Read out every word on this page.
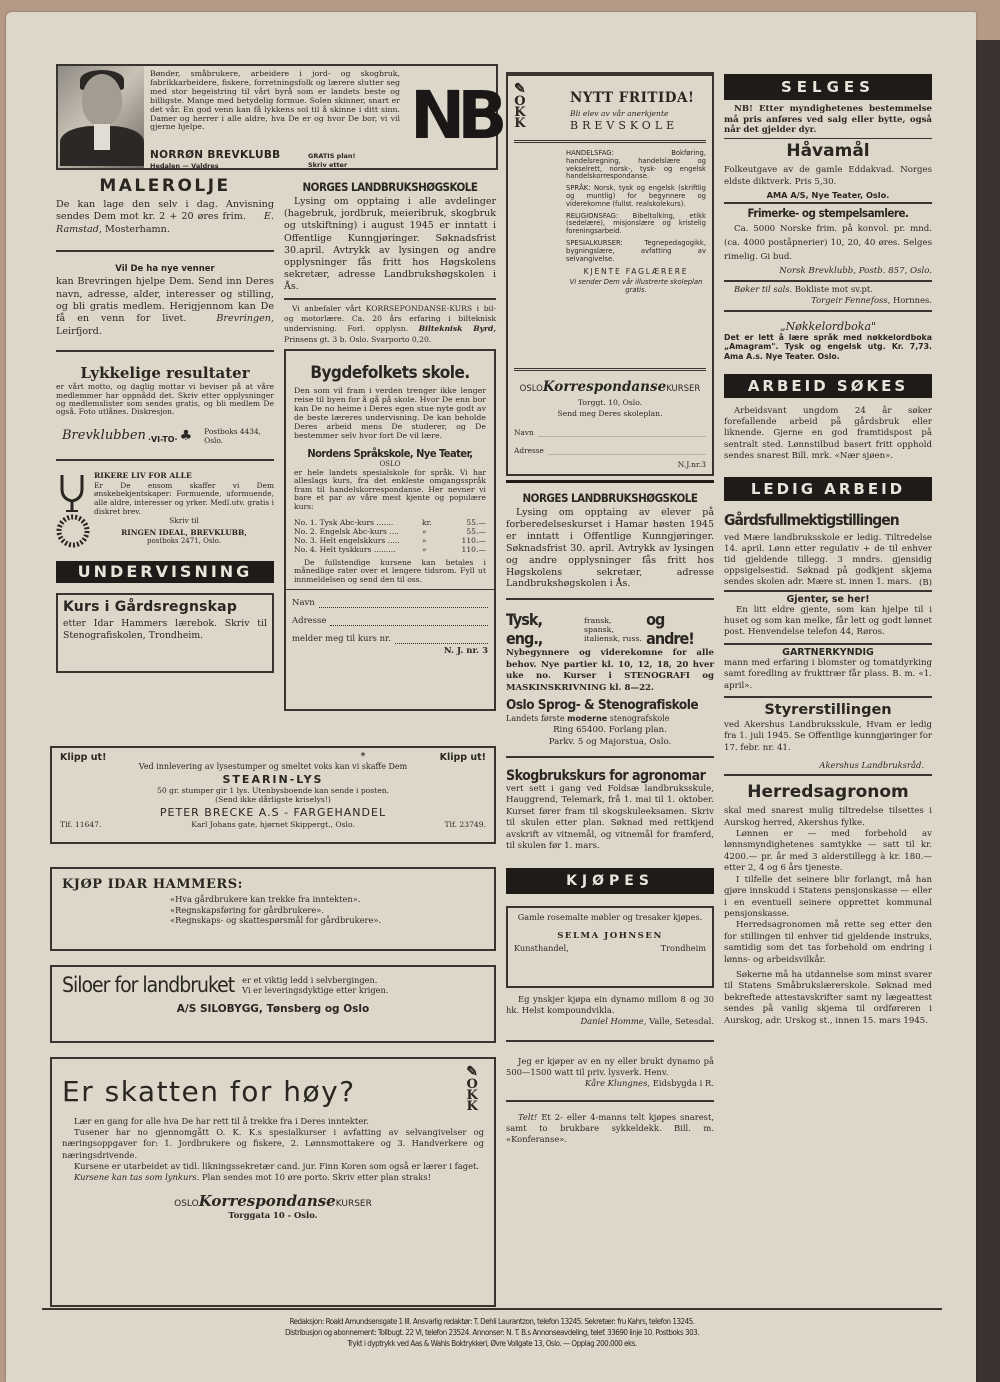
Bønder, småbrukere, arbeidere i jord- og skogbruk, fabrikkarbeidere, fiskere, forretningsfolk og lærere slutter seg med stor begeistring til vårt byrå som er landets beste og billigste. Mange med betydelig formue. Solen skinner, snart er det vår. En god venn kan få lykkens sol til å skinne i ditt sinn. Damer og herrer i alle aldre, hva De er og hvor De bor, vi vil gjerne hjelpe.
NORRØN BREVKLUBB
Hedalen — Valdres
GRATIS plan!
Skriv etter
NB
MALEROLJE
De kan lage den selv i dag. Anvisning sendes Dem mot kr. 2 + 20 øres frim. E. Ramstad, Mosterhamn.
Vil De ha nye venner
kan Brevringen hjelpe Dem. Send inn Deres navn, adresse, alder, interesser og stilling, og bli gratis medlem. Herigjennom kan De få en venn for livet.	Brevringen, Leirfjord.
Lykkelige resultater
er vårt motto, og daglig mottar vi beviser på at våre medlemmer har oppnådd det. Skriv etter opplysninger og medlemslister som sendes gratis, og bli medlem De også. Foto utlånes. Diskresjon.
Brevklubben ·VI-TO· ♣ Postboks 4434, Oslo.
RIKERE LIV FOR ALLE
Er De ensom skaffer vi Dem ønskebekjentskaper: Formuende, uformuende, alle aldre, interesser og yrker. Medl.utv. gratis i diskret brev.
Skriv til
RINGEN IDEAL, BREVKLUBB,
postboks 2471, Oslo.
UNDERVISNING
Kurs i Gårdsregnskap
etter Idar Hammers lærebok. Skriv til Stenografiskolen, Trondheim.
NORGES LANDBRUKSHØGSKOLE
Lysing om opptaing i alle avdelinger (hagebruk, jordbruk, meieribruk, skogbruk og utskiftning) i august 1945 er inntatt i Offentlige Kunngjøringer. Søknadsfrist 30.april. Avtrykk av lysingen og andre opplysninger fås fritt hos Høgskolens sekretær, adresse Landbrukshøgskolen i Ås.
Vi anbefaler vårt KORRSEPONDANSE-KURS i bil- og motorlære. Ca. 20 års erfaring i bilteknisk undervisning. Forl. opplysn. Bilteknisk Byrd, Prinsens gt. 3 b. Oslo. Svarporto 0,20.
Bygdefolkets skole.
Den som vil fram i verden trenger ikke lenger reise til byen for å gå på skole. Hvor De enn bor kan De no heime i Deres egen stue nyte godt av de beste læreres undervisning. De kan beholde Deres arbeid mens De studerer, og De bestemmer selv hvor fort De vil lære.
Nordens Språkskole, Nye Teater,
OSLO
er hele landets spesialskole for språk. Vi har alleslags kurs, fra det enkleste omgangsspråk fram til handelskorrespondanse. Her nevner vi bare et par av våre mest kjente og populære kurs:
No. 1. Tysk Abc-kurs .......	kr.	55.—
No. 2. Engelsk Abc-kurs ....	»	55.—
No. 3. Helt engelskkurs .....	»	110.—
No. 4. Helt tyskkurs .........	»	110.—
De fullstendige kursene kan betales i månedlige rater over et lengere tidsrom. Fyll ut innmeldelsen og send den til oss.
Navn
Adresse
melder meg til kurs nr.
N. J. nr. 3
Klipp ut!	*	Klipp ut!
Ved innlevering av lysestumper og smeltet voks kan vi skaffe Dem
STEARIN-LYS
50 gr. stumper gir 1 lys. Utenbysboende kan sende i posten.
(Send ikke dårligste kriselys!)
PETER BRECKE A.S - FARGEHANDEL
Tlf. 11647.	Karl Johans gate, hjørnet Skippergt., Oslo.	Tlf. 23749.
KJØP IDAR HAMMERS:
«Hva gårdbrukere kan trekke fra inntekten».
«Regnskapsføring for gårdbrukere».
«Regnskaps- og skattespørsmål for gårdbrukere».
Siloer for landbruket er et viktig ledd i selvbergingen.
Vi er leveringsdyktige etter krigen.
A/S SILOBYGG, Tønsberg og Oslo
Er skatten for høy?
✎
O
K
K
Lær en gang for alle hva De har rett til å trekke fra i Deres inntekter.
Tusener har no gjennomgått O. K. K.s spesialkurser i avfatting av selvangivelser og næringsoppgaver for: 1. Jordbrukere og fiskere, 2. Lønnsmottakere og 3. Handverkere og næringsdrivende.
Kursene er utarbeidet av tidl. likningssekretær cand. jur. Finn Koren som også er lærer i faget.
Kursene kan tas som lynkurs. Plan sendes mot 10 øre porto. Skriv etter plan straks!
OSLOKorrespondanseKURSER
Torggata 10 - Oslo.
✎
O
K
K
NYTT FRITIDA!
Bli elev av vår anerkjente
BREVSKOLE
HANDELSFAG:	Bokføring, handelsregning, handelslære og vekselrett, norsk-, tysk- og engelsk handelskorrespondanse.
SPRÅK: Norsk, tysk og engelsk (skriftlig og muntlig) for begynnere og viderekomne (fullst. realskolekurs).
RELIGIONSFAG: Bibeltolking, etikk (sedelære), misjonslære og kristelig foreningsarbeid.
SPESIALKURSER:	Tegnepedagogikk, bygningslære, avfatting av selvangivelse.
KJENTE FAGLÆRERE
Vi sender Dem vår illustrerte skoleplan gratis.
OSLOKorrespondanseKURSER
Torggt. 10, Oslo.
Send meg Deres skoleplan.
Navn
Adresse
N.J.nr.3
NORGES LANDBRUKSHØGSKOLE
Lysing om opptaing av elever på forberedelseskurset i Hamar høsten 1945 er inntatt i Offentlige Kunngjøringer. Søknadsfrist 30. april. Avtrykk av lysingen og andre opplysninger fås fritt hos Høgskolens sekretær, adresse Landbrukshøgskolen i Ås.
Tysk, eng.,
fransk, spansk,
italiensk, russ.
og andre!
Nybegynnere og viderekomne for alle behov. Nye partier kl. 10, 12, 18, 20 hver uke no. Kurser i STENOGRAFI og MASKINSKRIVNING kl. 8—22.
Oslo Sprog- & Stenografiskole
Landets første moderne stenografskole
Ring 65400. Forlang plan.
Parkv. 5 og Majorstua, Oslo.
Skogbrukskurs for agronomar
vert sett i gang ved Foldsæ landbruksskule, Hauggrend, Telemark, frå 1. mai til 1. oktober. Kurset fører fram til skogskuleeksamen. Skriv til skulen etter plan. Søknad med rettkjend avskrift av vitnemål, og vitnemål for framferd, til skulen før 1. mars.
KJØPES
Gamle rosemalte møbler og tresaker kjøpes.
SELMA JOHNSEN
Kunsthandel,	Trondheim
Eg ynskjer kjøpa ein dynamo millom 8 og 30 hk. Helst kompoundvikla.
Daniel Homme, Valle, Setesdal.
Jeg er kjøper av en ny eller brukt dynamo på 500—1500 watt til priv. lysverk. Henv.
Kåre Klungnes, Eidsbygda i R.
Telt! Et 2- eller 4-manns telt kjøpes snarest, samt to brukbare sykkeldekk. Bill. m. «Konferanse».
SELGES
NB! Etter myndighetenes bestemmelse må pris anføres ved salg eller bytte, også når det gjelder dyr.
Håvamål
Folkeutgave av de gamle Eddakvad. Norges eldste diktverk. Pris 5,30.
AMA A/S, Nye Teater, Oslo.
Frimerke- og stempelsamlere.
Ca. 5000 Norske frim. på konvol. pr. mnd. (ca. 4000 poståpnerier) 10, 20, 40 øres. Selges rimelig. Gi bud.
Norsk Brevklubb, Postb. 857, Oslo.
Bøker til sals. Bokliste mot sv.pt.
Torgeir Fennefoss, Hornnes.
„Nøkkelordboka"
Det er lett å lære språk med nøkkelordboka „Amagram". Tysk og engelsk utg. Kr. 7,73. Ama A.s. Nye Teater. Oslo.
ARBEID SØKES
Arbeidsvant ungdom 24 år søker forefallende arbeid på gårdsbruk eller liknende. Gjerne en god framtidspost på sentralt sted. Lønnstilbud basert fritt opphold sendes snarest Bill. mrk. «Nær sjøen».
LEDIG ARBEID
Gårdsfullmektigstillingen
ved Mære landbruksskole er ledig. Tiltredelse 14. april. Lønn etter regulativ + de til enhver tid gjeldende tillegg. 3 mndrs. gjensidig oppsigelsestid. Søknad på godkjent skjema sendes skolen adr. Mære st. innen 1. mars. (B)
Gjenter, se her!
En litt eldre gjente, som kan hjelpe til i huset og som kan melke, får lett og godt lønnet post. Henvendelse telefon 44, Røros.
GARTNERKYNDIG
mann med erfaring i blomster og tomatdyrking samt foredling av frukttrær får plass. B. m. «1. april».
Styrerstillingen
ved Akershus Landbruksskule, Hvam er ledig fra 1. juli 1945. Se Offentlige kunngjøringer for 17. febr. nr. 41.
Akershus Landbruksråd.
Herredsagronom
skal med snarest mulig tiltredelse tilsettes i Aurskog herred, Akershus fylke.
Lønnen er — med forbehold av lønnsmyndighetenes samtykke — satt til kr. 4200.— pr. år med 3 alderstillegg à kr. 180.— etter 2, 4 og 6 års tjeneste.
I tilfelle det seinere blir forlangt, må han gjøre innskudd i Statens pensjonskasse — eller i en eventuell seinere opprettet kommunal pensjonskasse.
Herredsagronomen må rette seg etter den for stillingen til enhver tid gjeldende instruks, samtidig som det tas forbehold om endring i lønns- og arbeidsvilkår.
Søkerne må ha utdannelse som minst svarer til Statens Småbrukslærerskole. Søknad med bekreftede attestavskrifter samt ny lægeattest sendes på vanlig skjema til ordføreren i Aurskog, adr. Urskog st., innen 15. mars 1945.
Redaksjon: Roald Amundsensgate 1 III. Ansvarlig redaktør: T. Dehli Laurantzon, telefon 13245. Sekretær: fru Kahrs, telefon 13245.
Distribusjon og abonnement: Tollbugt. 22 VI, telefon 23524. Annonser: N. T. B.s Annonseavdeling, telef. 33690 linje 10. Postboks 303.
Trykt i dyptrykk ved Aas & Wahls Boktrykkeri, Øvre Vollgate 13, Oslo. — Opplag 200.000 eks.
